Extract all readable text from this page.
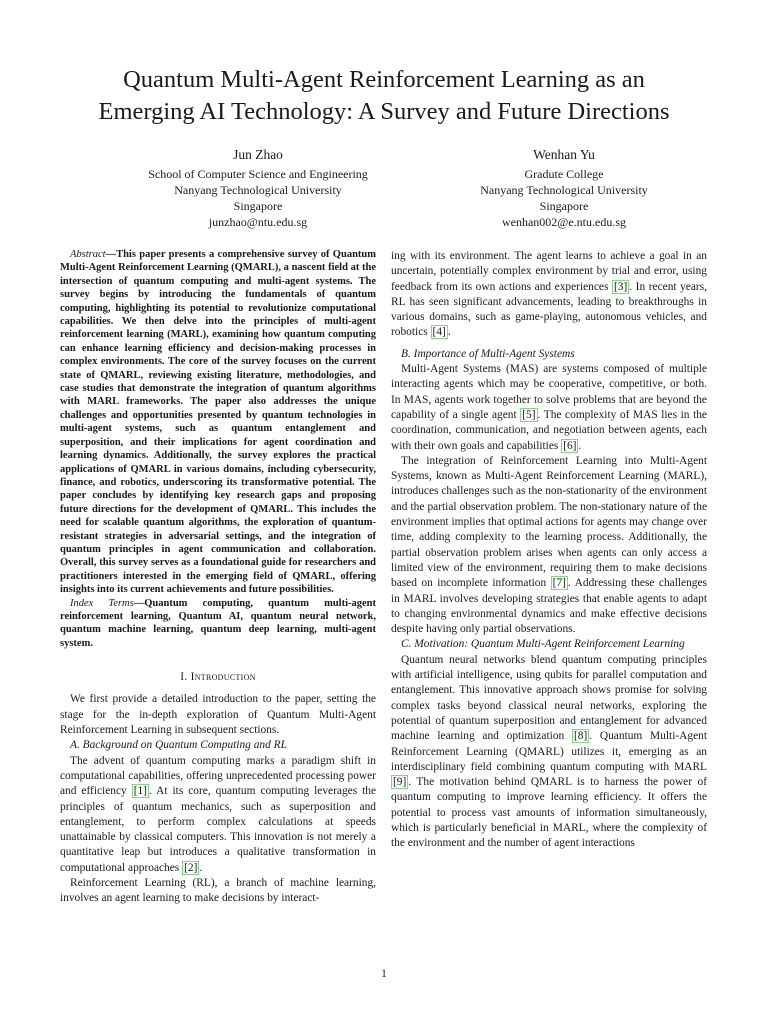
Quantum Multi-Agent Reinforcement Learning as an
Emerging AI Technology: A Survey and Future Directions
Jun Zhao
School of Computer Science and Engineering
Nanyang Technological University
Singapore
junzhao@ntu.edu.sg
Wenhan Yu
Gradute College
Nanyang Technological University
Singapore
wenhan002@e.ntu.edu.sg

Abstract—This paper presents a comprehensive survey of Quantum Multi-Agent Reinforcement Learning (QMARL), a nascent field at the intersection of quantum computing and multi-agent systems. The survey begins by introducing the fundamentals of quantum computing, highlighting its potential to revolutionize computational capabilities. We then delve into the principles of multi-agent reinforcement learning (MARL), examining how quantum computing can enhance learning efficiency and decision-making processes in complex environments. The core of the survey focuses on the current state of QMARL, reviewing existing literature, methodologies, and case studies that demonstrate the integration of quantum algorithms with MARL frameworks. The paper also addresses the unique challenges and opportunities presented by quantum technologies in multi-agent systems, such as quantum entanglement and superposition, and their implications for agent coordination and learning dynamics. Additionally, the survey explores the practical applications of QMARL in various domains, including cybersecurity, finance, and robotics, underscoring its transformative potential. The paper concludes by identifying key research gaps and proposing future directions for the development of QMARL. This includes the need for scalable quantum algorithms, the exploration of quantum-resistant strategies in adversarial settings, and the integration of quantum principles in agent communication and collaboration. Overall, this survey serves as a foundational guide for researchers and practitioners interested in the emerging field of QMARL, offering insights into its current achievements and future possibilities.

Index Terms—Quantum computing, quantum multi-agent reinforcement learning, Quantum AI, quantum neural network, quantum machine learning, quantum deep learning, multi-agent system.

I. Introduction

We first provide a detailed introduction to the paper, setting the stage for the in-depth exploration of Quantum Multi-Agent Reinforcement Learning in subsequent sections.

A. Background on Quantum Computing and RL

The advent of quantum computing marks a paradigm shift in computational capabilities, offering unprecedented processing power and efficiency [1] . At its core, quantum computing leverages the principles of quantum mechanics, such as superposition and entanglement, to perform complex calculations at speeds unattainable by classical computers. This innovation is not merely a quantitative leap but introduces a qualitative transformation in computational approaches [2] .

Reinforcement Learning (RL), a branch of machine learning, involves an agent learning to make decisions by interact-

ing with its environment. The agent learns to achieve a goal in an uncertain, potentially complex environment by trial and error, using feedback from its own actions and experiences [3] . In recent years, RL has seen significant advancements, leading to breakthroughs in various domains, such as game-playing, autonomous vehicles, and robotics [4] .

B. Importance of Multi-Agent Systems

Multi-Agent Systems (MAS) are systems composed of multiple interacting agents which may be cooperative, competitive, or both. In MAS, agents work together to solve problems that are beyond the capability of a single agent [5] . The complexity of MAS lies in the coordination, communication, and negotiation between agents, each with their own goals and capabilities [6] .

The integration of Reinforcement Learning into Multi-Agent Systems, known as Multi-Agent Reinforcement Learning (MARL), introduces challenges such as the non-stationarity of the environment and the partial observation problem. The non-stationary nature of the environment implies that optimal actions for agents may change over time, adding complexity to the learning process. Additionally, the partial observation problem arises when agents can only access a limited view of the environment, requiring them to make decisions based on incomplete information [7] . Addressing these challenges in MARL involves developing strategies that enable agents to adapt to changing environmental dynamics and make effective decisions despite having only partial observations.

C. Motivation: Quantum Multi-Agent Reinforcement Learning

Quantum neural networks blend quantum computing principles with artificial intelligence, using qubits for parallel computation and entanglement. This innovative approach shows promise for solving complex tasks beyond classical neural networks, exploring the potential of quantum superposition and entanglement for advanced machine learning and optimization [8] . Quantum Multi-Agent Reinforcement Learning (QMARL) utilizes it, emerging as an interdisciplinary field combining quantum computing with MARL [9] . The motivation behind QMARL is to harness the power of quantum computing to improve learning efficiency. It offers the potential to process vast amounts of information simultaneously, which is particularly beneficial in MARL, where the complexity of the environment and the number of agent interactions

1
